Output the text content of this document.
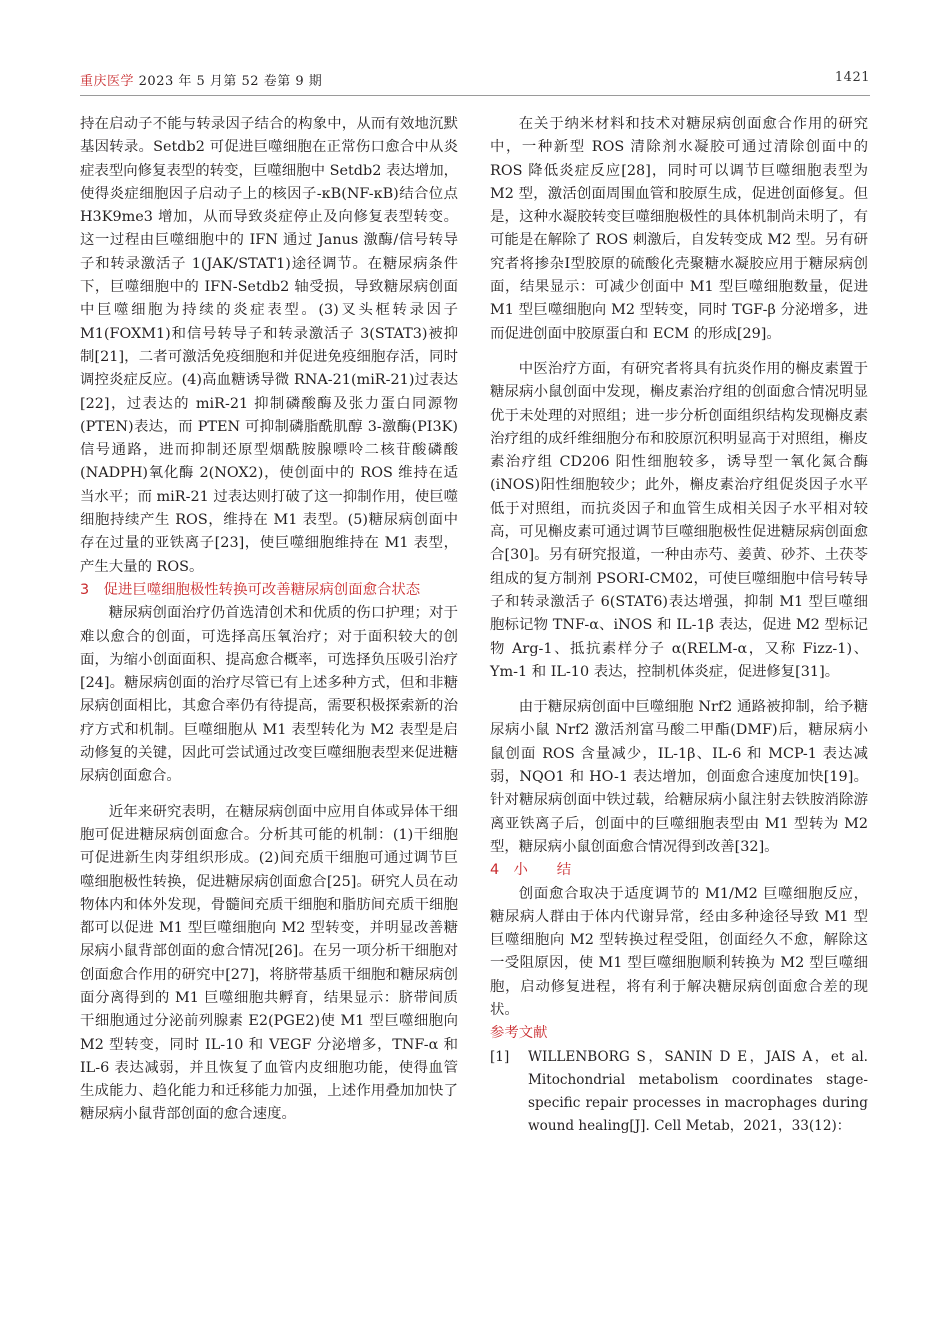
重庆医学 2023 年 5 月第 52 卷第 9 期	1421

持在启动子不能与转录因子结合的构象中，从而有效地沉默基因转录。Setdb2 可促进巨噬细胞在正常伤口愈合中从炎症表型向修复表型的转变，巨噬细胞中 Setdb2 表达增加，使得炎症细胞因子启动子上的核因子-κB(NF-κB)结合位点 H3K9me3 增加，从而导致炎症停止及向修复表型转变。这一过程由巨噬细胞中的 IFN 通过 Janus 激酶/信号转导子和转录激活子 1(JAK/STAT1)途径调节。在糖尿病条件下，巨噬细胞中的 IFN-Setdb2 轴受损，导致糖尿病创面中巨噬细胞为持续的炎症表型。(3)叉头框转录因子 M1(FOXM1)和信号转导子和转录激活子 3(STAT3)被抑制[21]，二者可激活免疫细胞和并促进免疫细胞存活，同时调控炎症反应。(4)高血糖诱导微 RNA-21(miR-21)过表达[22]，过表达的 miR-21 抑制磷酸酶及张力蛋白同源物(PTEN)表达，而 PTEN 可抑制磷脂酰肌醇 3-激酶(PI3K)信号通路，进而抑制还原型烟酰胺腺嘌呤二核苷酸磷酸(NADPH)氧化酶 2(NOX2)，使创面中的 ROS 维持在适当水平；而 miR-21 过表达则打破了这一抑制作用，使巨噬细胞持续产生 ROS，维持在 M1 表型。(5)糖尿病创面中存在过量的亚铁离子[23]，使巨噬细胞维持在 M1 表型，产生大量的 ROS。

3　促进巨噬细胞极性转换可改善糖尿病创面愈合状态

糖尿病创面治疗仍首选清创术和优质的伤口护理；对于难以愈合的创面，可选择高压氧治疗；对于面积较大的创面，为缩小创面面积、提高愈合概率，可选择负压吸引治疗[24]。糖尿病创面的治疗尽管已有上述多种方式，但和非糖尿病创面相比，其愈合率仍有待提高，需要积极探索新的治疗方式和机制。巨噬细胞从 M1 表型转化为 M2 表型是启动修复的关键，因此可尝试通过改变巨噬细胞表型来促进糖尿病创面愈合。

近年来研究表明，在糖尿病创面中应用自体或异体干细胞可促进糖尿病创面愈合。分析其可能的机制：(1)干细胞可促进新生肉芽组织形成。(2)间充质干细胞可通过调节巨噬细胞极性转换，促进糖尿病创面愈合[25]。研究人员在动物体内和体外发现，骨髓间充质干细胞和脂肪间充质干细胞都可以促进 M1 型巨噬细胞向 M2 型转变，并明显改善糖尿病小鼠背部创面的愈合情况[26]。在另一项分析干细胞对创面愈合作用的研究中[27]，将脐带基质干细胞和糖尿病创面分离得到的 M1 巨噬细胞共孵育，结果显示：脐带间质干细胞通过分泌前列腺素 E2(PGE2)使 M1 型巨噬细胞向 M2 型转变，同时 IL-10 和 VEGF 分泌增多，TNF-α 和 IL-6 表达减弱，并且恢复了血管内皮细胞功能，使得血管生成能力、趋化能力和迁移能力加强，上述作用叠加加快了糖尿病小鼠背部创面的愈合速度。

在关于纳米材料和技术对糖尿病创面愈合作用的研究中，一种新型 ROS 清除剂水凝胶可通过清除创面中的 ROS 降低炎症反应[28]，同时可以调节巨噬细胞表型为 M2 型，激活创面周围血管和胶原生成，促进创面修复。但是，这种水凝胶转变巨噬细胞极性的具体机制尚未明了，有可能是在解除了 ROS 刺激后，自发转变成 M2 型。另有研究者将掺杂Ⅰ型胶原的硫酸化壳聚糖水凝胶应用于糖尿病创面，结果显示：可减少创面中 M1 型巨噬细胞数量，促进 M1 型巨噬细胞向 M2 型转变，同时 TGF-β 分泌增多，进而促进创面中胶原蛋白和 ECM 的形成[29]。

中医治疗方面，有研究者将具有抗炎作用的槲皮素置于糖尿病小鼠创面中发现，槲皮素治疗组的创面愈合情况明显优于未处理的对照组；进一步分析创面组织结构发现槲皮素治疗组的成纤维细胞分布和胶原沉积明显高于对照组，槲皮素治疗组 CD206 阳性细胞较多，诱导型一氧化氮合酶(iNOS)阳性细胞较少；此外，槲皮素治疗组促炎因子水平低于对照组，而抗炎因子和血管生成相关因子水平相对较高，可见槲皮素可通过调节巨噬细胞极性促进糖尿病创面愈合[30]。另有研究报道，一种由赤芍、姜黄、砂芥、土茯苓组成的复方制剂 PSORI-CM02，可使巨噬细胞中信号转导子和转录激活子 6(STAT6)表达增强，抑制 M1 型巨噬细胞标记物 TNF-α、iNOS 和 IL-1β 表达，促进 M2 型标记物 Arg-1、抵抗素样分子 α(RELM-α，又称 Fizz-1)、Ym-1 和 IL-10 表达，控制机体炎症，促进修复[31]。

由于糖尿病创面中巨噬细胞 Nrf2 通路被抑制，给予糖尿病小鼠 Nrf2 激活剂富马酸二甲酯(DMF)后，糖尿病小鼠创面 ROS 含量减少，IL-1β、IL-6 和 MCP-1 表达减弱，NQO1 和 HO-1 表达增加，创面愈合速度加快[19]。针对糖尿病创面中铁过载，给糖尿病小鼠注射去铁胺消除游离亚铁离子后，创面中的巨噬细胞表型由 M1 型转为 M2 型，糖尿病小鼠创面愈合情况得到改善[32]。

4　小　　结

创面愈合取决于适度调节的 M1/M2 巨噬细胞反应，糖尿病人群由于体内代谢异常，经由多种途径导致 M1 型巨噬细胞向 M2 型转换过程受阻，创面经久不愈，解除这一受阻原因，使 M1 型巨噬细胞顺利转换为 M2 型巨噬细胞，启动修复进程，将有利于解决糖尿病创面愈合差的现状。

参考文献

[1] WILLENBORG S，SANIN D E，JAIS A，et al. Mitochondrial metabolism coordinates stage-specific repair processes in macrophages during wound healing[J]. Cell Metab，2021，33(12)：
